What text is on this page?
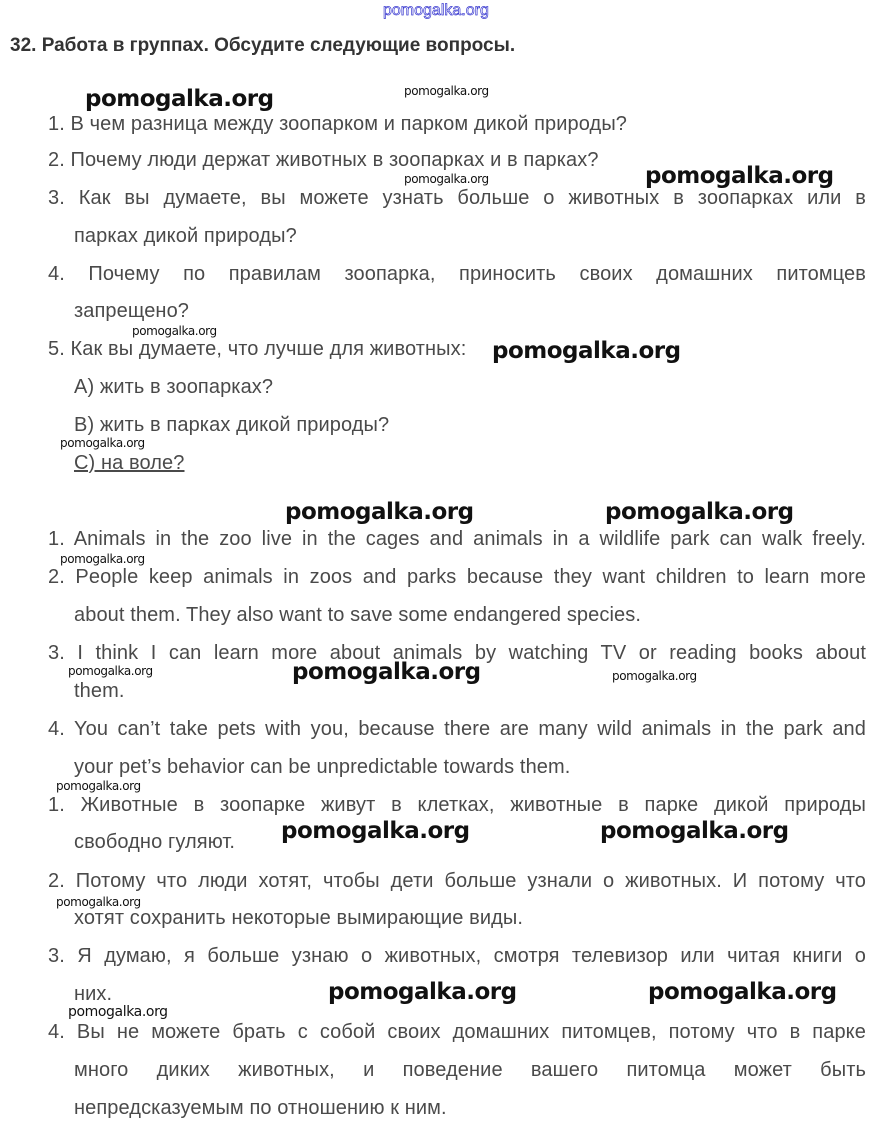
pomogalka.org
32. Работа в группах. Обсудите следующие вопросы.
1. В чем разница между зоопарком и парком дикой природы?
2. Почему люди держат животных в зоопарках и в парках?
3. Как вы думаете, вы можете узнать больше о животных в зоопарках или в
парках дикой природы?
4. Почему по правилам зоопарка, приносить своих домашних питомцев
запрещено?
5. Как вы думаете, что лучше для животных:
А) жить в зоопарках?
В) жить в парках дикой природы?
С) на воле?
1. Animals in the zoo live in the cages and animals in a wildlife park can walk freely.
2. People keep animals in zoos and parks because they want children to learn more
about them. They also want to save some endangered species.
3. I think I can learn more about animals by watching TV or reading books about
them.
4. You can’t take pets with you, because there are many wild animals in the park and
your pet’s behavior can be unpredictable towards them.
1. Животные в зоопарке живут в клетках, животные в парке дикой природы
свободно гуляют.
2. Потому что люди хотят, чтобы дети больше узнали о животных. И потому что
хотят сохранить некоторые вымирающие виды.
3. Я думаю, я больше узнаю о животных, смотря телевизор или читая книги о
них.
4. Вы не можете брать с собой своих домашних питомцев, потому что в парке
много диких животных, и поведение вашего питомца может быть
непредсказуемым по отношению к ним.
pomogalka.org
pomogalka.org
pomogalka.org
pomogalka.org	pomogalka.org
pomogalka.org
pomogalka.org	pomogalka.org
pomogalka.org	pomogalka.org
pomogalka.org
pomogalka.org
pomogalka.org
pomogalka.org
pomogalka.org
pomogalka.org	pomogalka.org
pomogalka.org
pomogalka.org
pomogalka.org
